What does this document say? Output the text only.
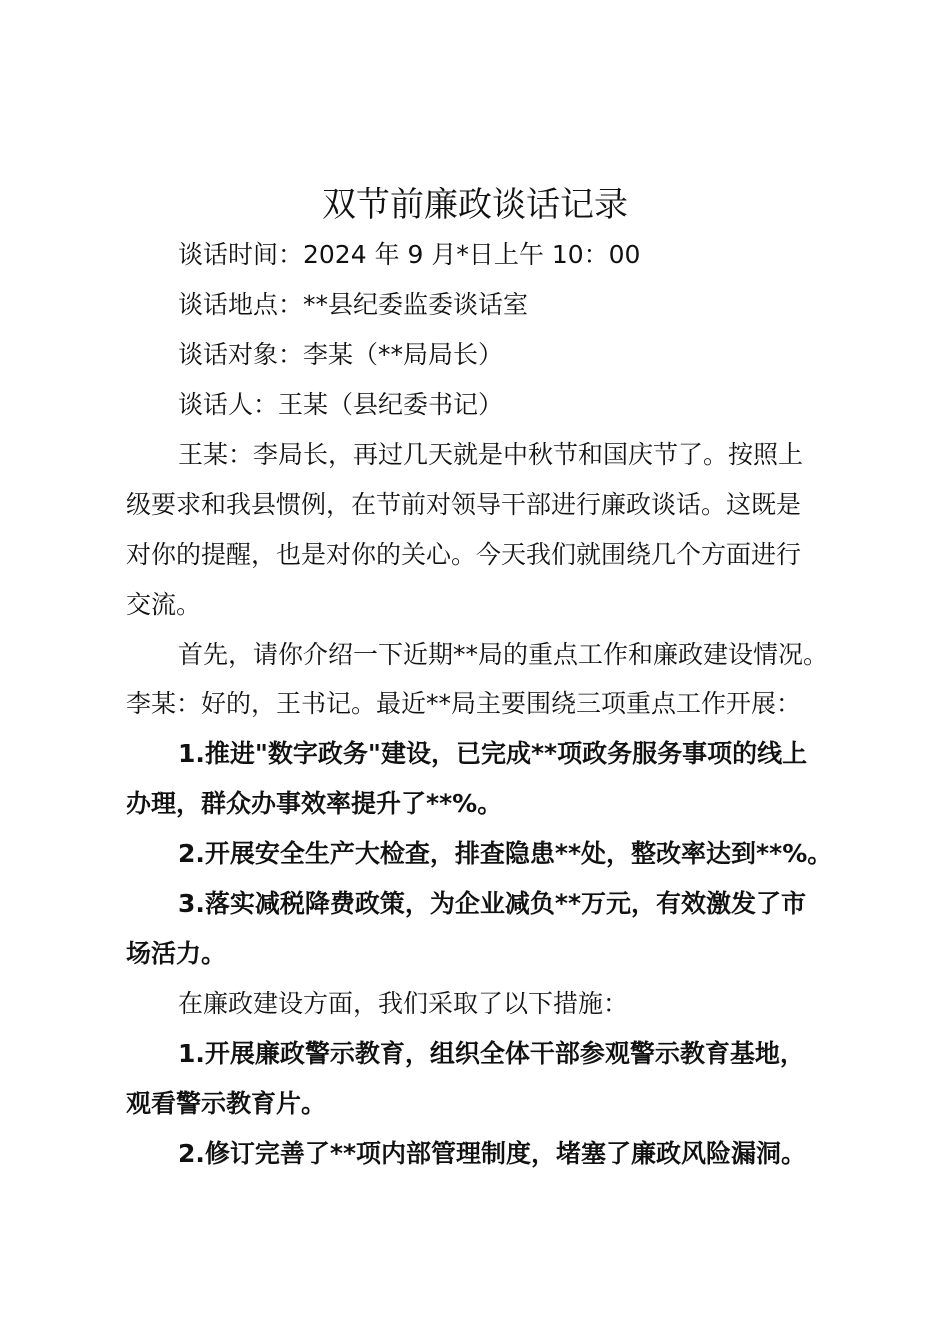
双节前廉政谈话记录
谈话时间：2024 年 9 月*日上午 10：00
谈话地点：**县纪委监委谈话室
谈话对象：李某（**局局长）
谈话人：王某（县纪委书记）
王某：李局长，再过几天就是中秋节和国庆节了。按照上
级要求和我县惯例，在节前对领导干部进行廉政谈话。这既是
对你的提醒，也是对你的关心。今天我们就围绕几个方面进行
交流。
首先，请你介绍一下近期**局的重点工作和廉政建设情况。
李某：好的，王书记。最近**局主要围绕三项重点工作开展：
1.推进"数字政务"建设，已完成**项政务服务事项的线上
办理，群众办事效率提升了**%。
2.开展安全生产大检查，排查隐患**处，整改率达到**%。
3.落实减税降费政策，为企业减负**万元，有效激发了市
场活力。
在廉政建设方面，我们采取了以下措施：
1.开展廉政警示教育，组织全体干部参观警示教育基地，
观看警示教育片。
2.修订完善了**项内部管理制度，堵塞了廉政风险漏洞。
